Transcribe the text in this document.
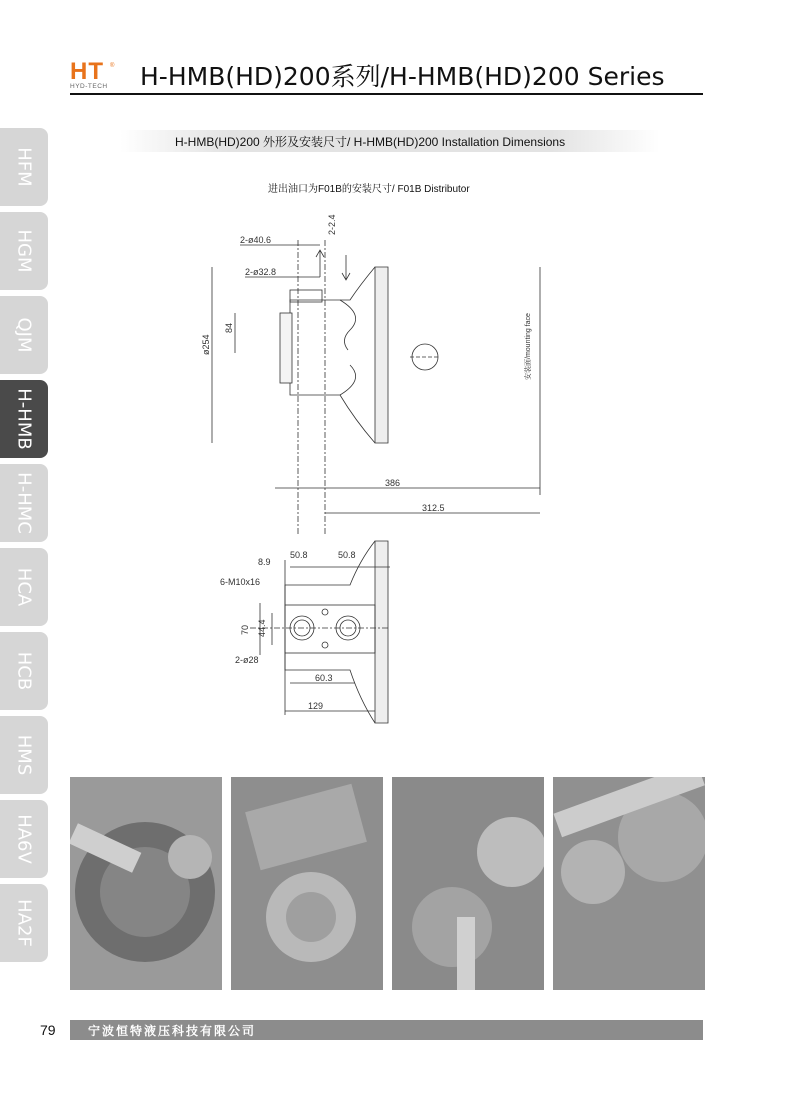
HT ®
HYD-TECH H-HMB(HD)200系列/H-HMB(HD)200 Series
HFM
HGM
QJM
H-HMB
H-HMC
HCA
HCB
HMS
HA6V
HA2F
H-HMB(HD)200 外形及安装尺寸/ H-HMB(HD)200 Installation Dimensions
进出油口为F01B的安装尺寸/ F01B Distributor
2-ø40.6
2-2.4
2-ø32.8
84
ø254	安装面/mounting face
386
312.5
8.9
50.8	50.8
6-M10x16
70 44.4
2-ø28
60.3
129
79	宁波恒特液压科技有限公司
